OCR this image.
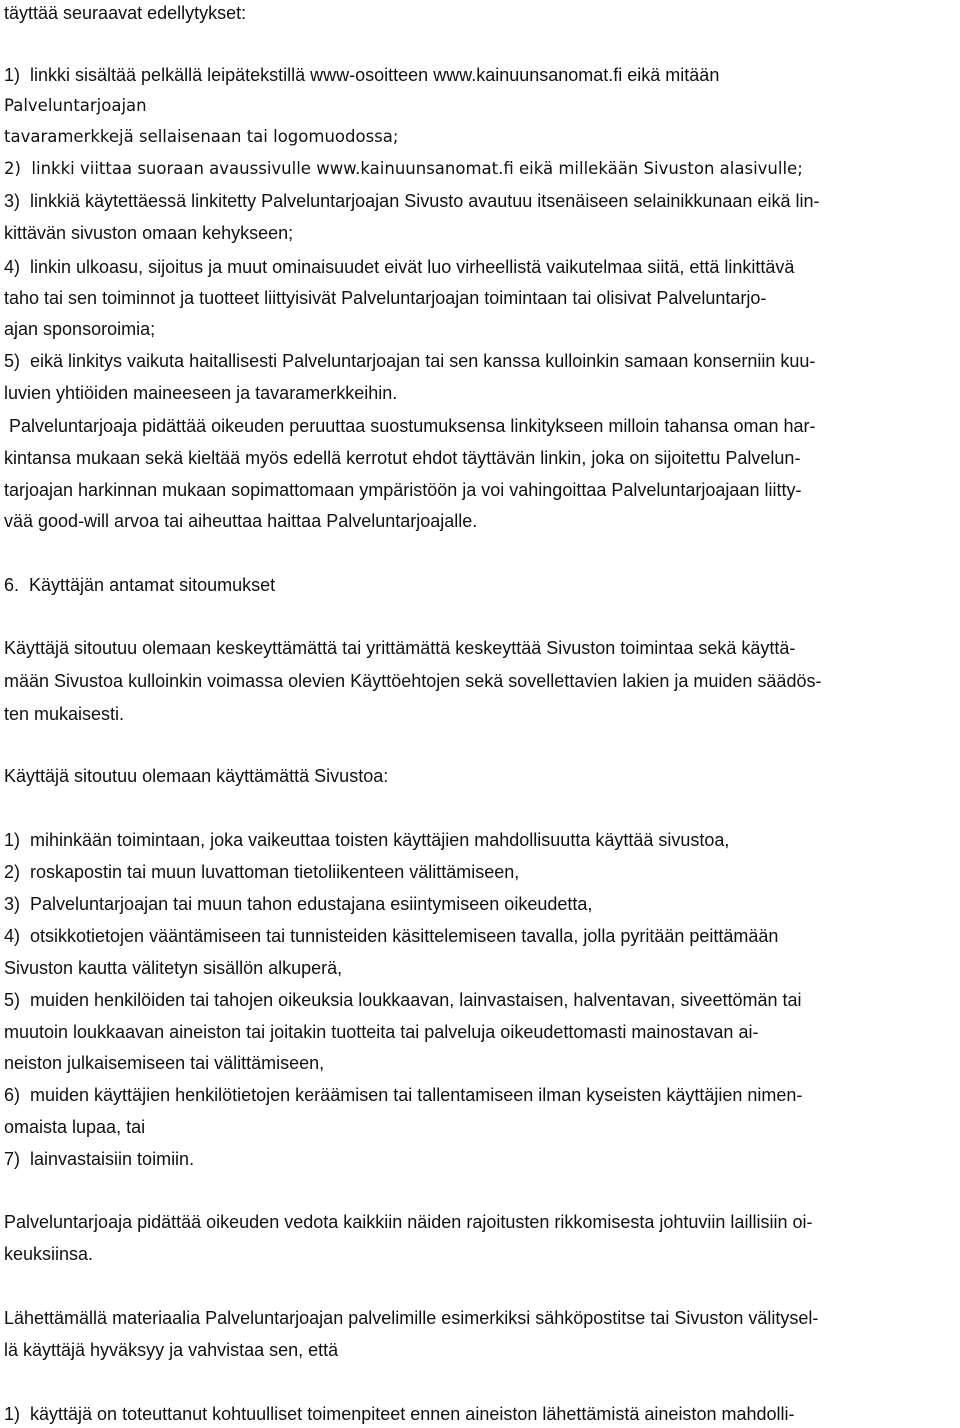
täyttää seuraavat edellytykset:
1)  linkki sisältää pelkällä leipätekstillä www-osoitteen www.kainuunsanomat.fi eikä mitään
Palveluntarjoajan
tavaramerkkejä sellaisenaan tai logomuodossa;
2)  linkki viittaa suoraan avaussivulle www.kainuunsanomat.fi eikä millekään Sivuston alasivulle;
3)  linkkiä käytettäessä linkitetty Palveluntarjoajan Sivusto avautuu itsenäiseen selainikkunaan eikä lin-
kittävän sivuston omaan kehykseen;
4)  linkin ulkoasu, sijoitus ja muut ominaisuudet eivät luo virheellistä vaikutelmaa siitä, että linkittävä
taho tai sen toiminnot ja tuotteet liittyisivät Palveluntarjoajan toimintaan tai olisivat Palveluntarjo-
ajan sponsoroimia;
5)  eikä linkitys vaikuta haitallisesti Palveluntarjoajan tai sen kanssa kulloinkin samaan konserniin kuu-
luvien yhtiöiden maineeseen ja tavaramerkkeihin.
Palveluntarjoaja pidättää oikeuden peruuttaa suostumuksensa linkitykseen milloin tahansa oman har-
kintansa mukaan sekä kieltää myös edellä kerrotut ehdot täyttävän linkin, joka on sijoitettu Palvelun-
tarjoajan harkinnan mukaan sopimattomaan ympäristöön ja voi vahingoittaa Palveluntarjoajaan liitty-
vää good-will arvoa tai aiheuttaa haittaa Palveluntarjoajalle.
6.  Käyttäjän antamat sitoumukset
Käyttäjä sitoutuu olemaan keskeyttämättä tai yrittämättä keskeyttää Sivuston toimintaa sekä käyttä-
mään Sivustoa kulloinkin voimassa olevien Käyttöehtojen sekä sovellettavien lakien ja muiden säädös-
ten mukaisesti.
Käyttäjä sitoutuu olemaan käyttämättä Sivustoa:
1)  mihinkään toimintaan, joka vaikeuttaa toisten käyttäjien mahdollisuutta käyttää sivustoa,
2)  roskapostin tai muun luvattoman tietoliikenteen välittämiseen,
3)  Palveluntarjoajan tai muun tahon edustajana esiintymiseen oikeudetta,
4)  otsikkotietojen vääntämiseen tai tunnisteiden käsittelemiseen tavalla, jolla pyritään peittämään
Sivuston kautta välitetyn sisällön alkuperä,
5)  muiden henkilöiden tai tahojen oikeuksia loukkaavan, lainvastaisen, halventavan, siveettömän tai
muutoin loukkaavan aineiston tai joitakin tuotteita tai palveluja oikeudettomasti mainostavan ai-
neiston julkaisemiseen tai välittämiseen,
6)  muiden käyttäjien henkilötietojen keräämisen tai tallentamiseen ilman kyseisten käyttäjien nimen-
omaista lupaa, tai
7)  lainvastaisiin toimiin.
Palveluntarjoaja pidättää oikeuden vedota kaikkiin näiden rajoitusten rikkomisesta johtuviin laillisiin oi-
keuksiinsa.
Lähettämällä materiaalia Palveluntarjoajan palvelimille esimerkiksi sähköpostitse tai Sivuston välitysel-
lä käyttäjä hyväksyy ja vahvistaa sen, että
1)  käyttäjä on toteuttanut kohtuulliset toimenpiteet ennen aineiston lähettämistä aineiston mahdolli-
